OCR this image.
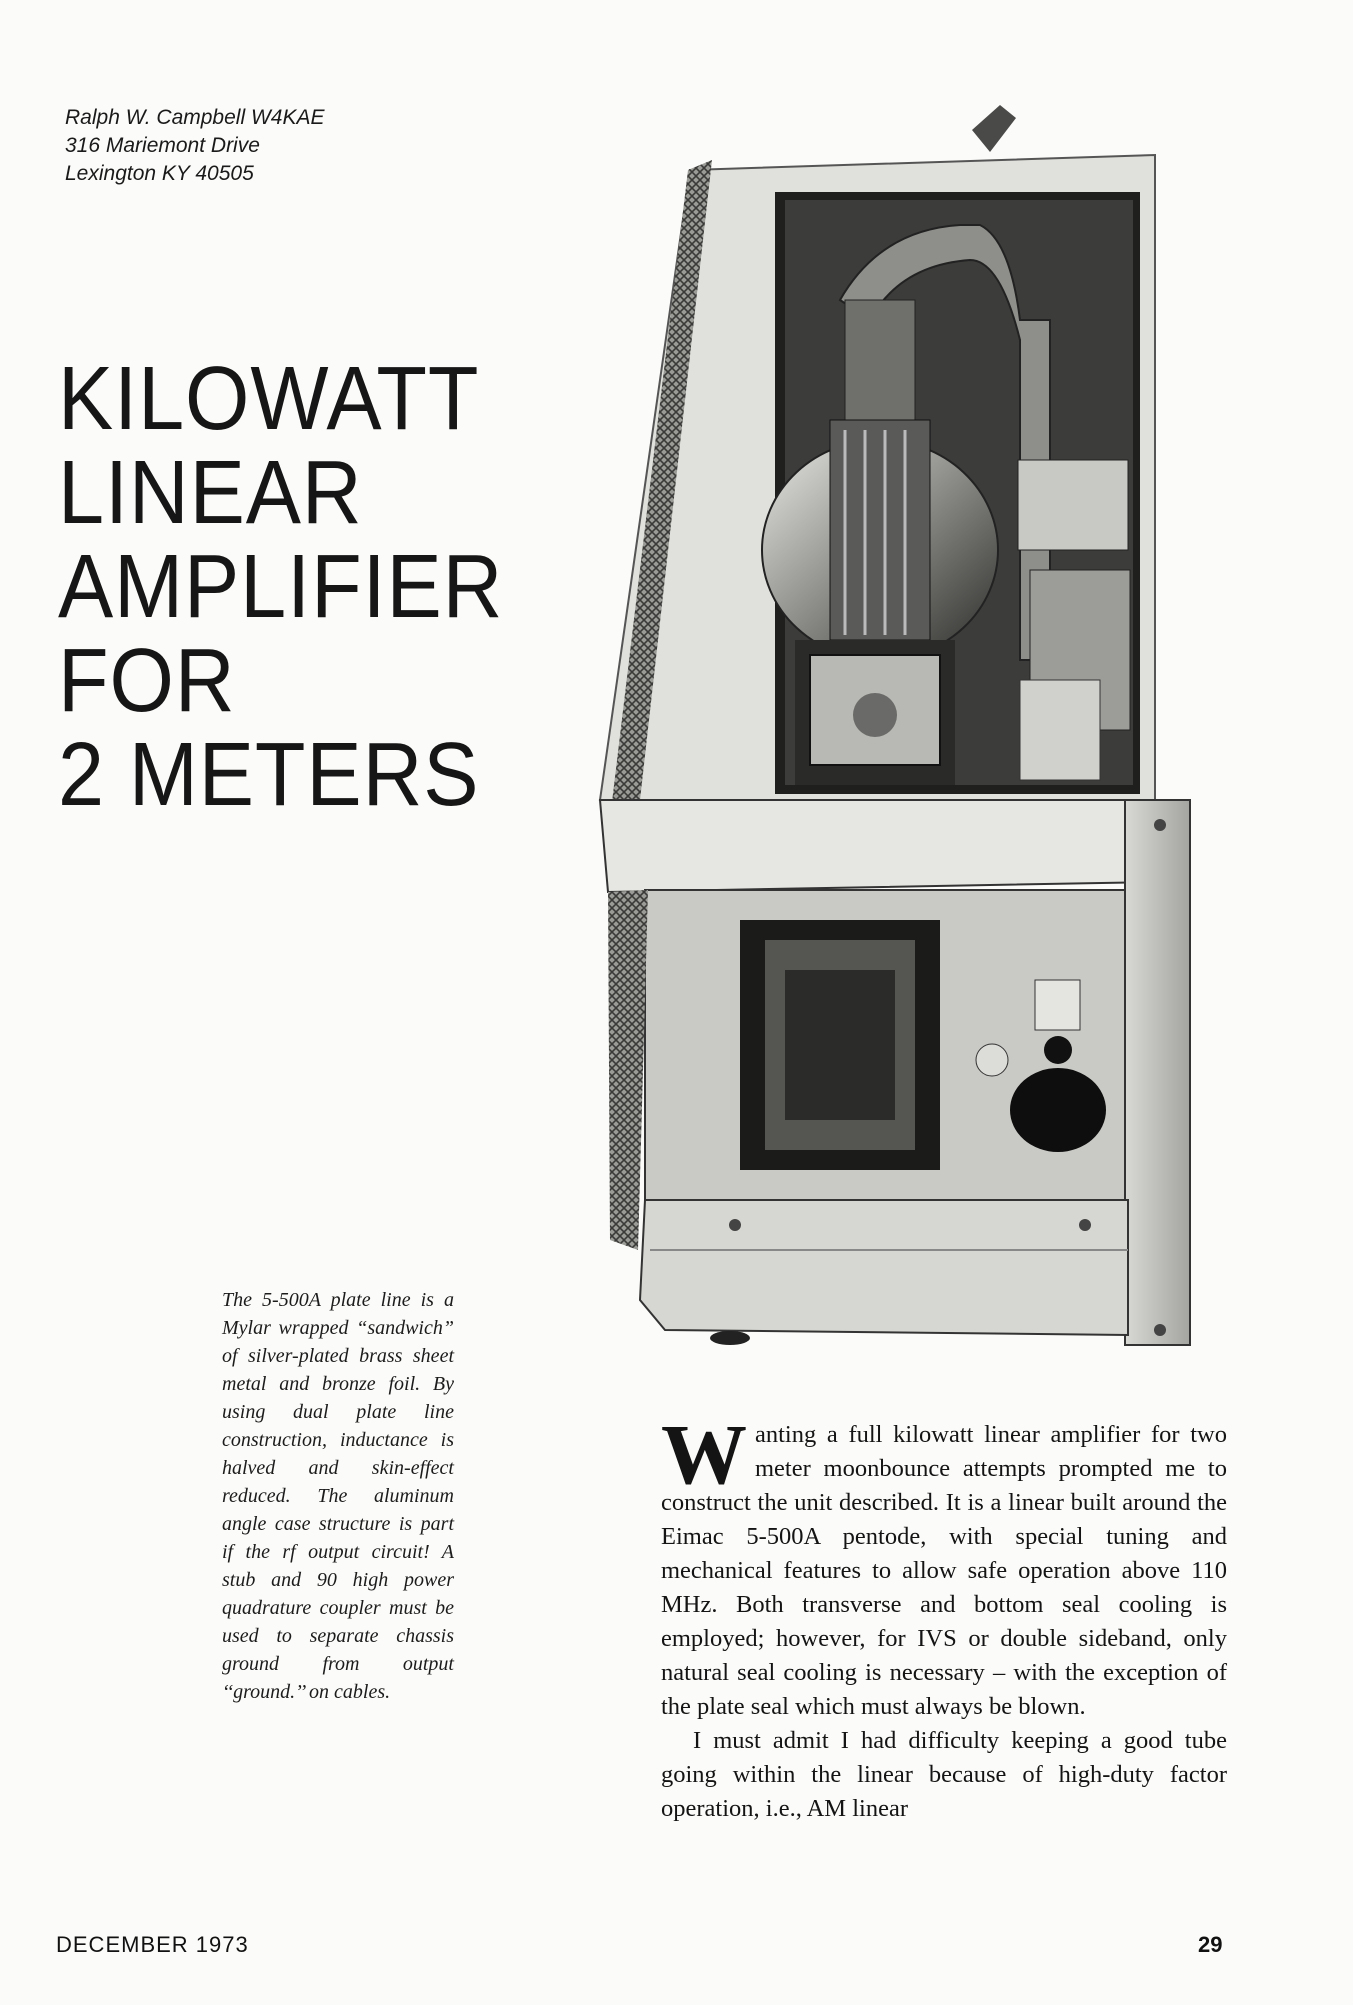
Ralph W. Campbell W4KAE
316 Mariemont Drive
Lexington KY 40505
KILOWATT
LINEAR
AMPLIFIER
FOR
2 METERS
The 5-500A plate line is a Mylar wrapped “sandwich” of silver-plated brass sheet metal and bronze foil. By using dual plate line construction, inductance is halved and skin-effect reduced. The aluminum angle case structure is part if the rf output circuit! A stub and 90 high power quadrature coupler must be used to separate chassis ground from output ‘‘ground.’’ on cables.

Wanting a full kilowatt linear amplifier for two meter moonbounce attempts prompted me to construct the unit described. It is a linear built around the Eimac 5-500A pentode, with special tuning and mechanical features to allow safe operation above 110 MHz. Both transverse and bottom seal cooling is employed; however, for IVS or double sideband, only natural seal cooling is necessary – with the exception of the plate seal which must always be blown.

I must admit I had difficulty keeping a good tube going within the linear because of high-duty factor operation, i.e., AM linear

DECEMBER 1973	29
